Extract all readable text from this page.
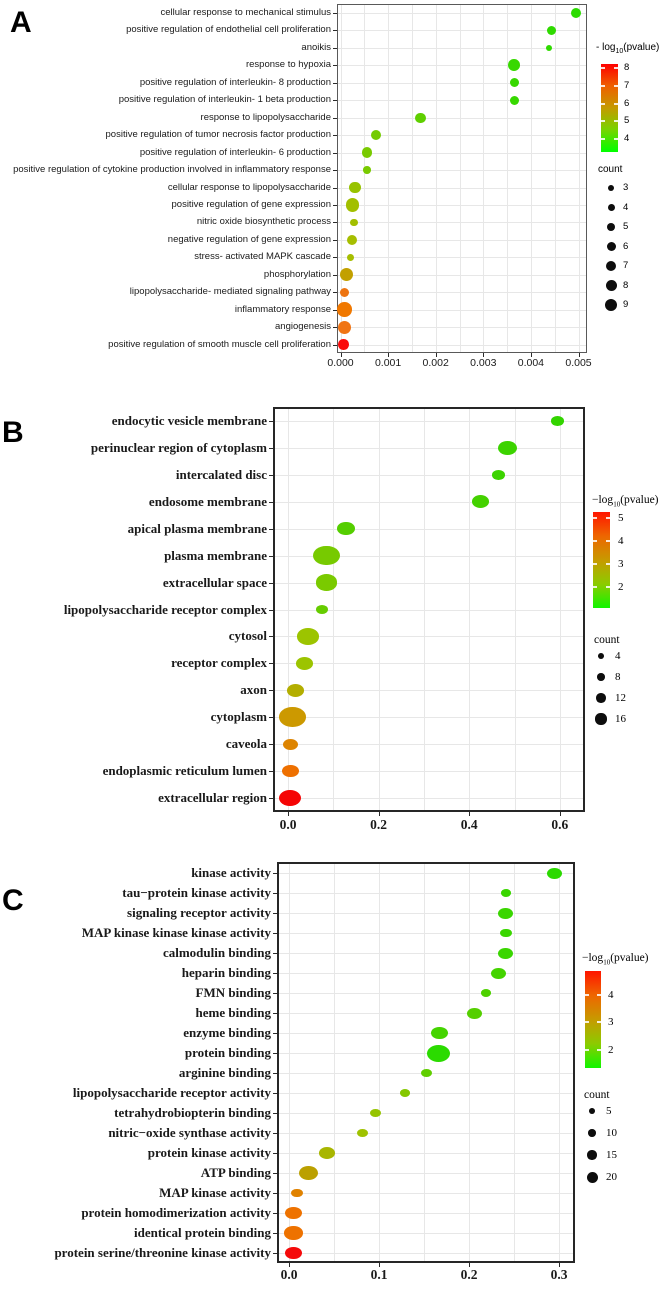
A	cellular response to mechanical stimulus
positive regulation of endothelial cell proliferation
anoikis
response to hypoxia
positive regulation of interleukin- 8 production
positive regulation of interleukin- 1 beta production
response to lipopolysaccharide
positive regulation of tumor necrosis factor production
positive regulation of interleukin- 6 production
positive regulation of cytokine production involved in inflammatory response
cellular response to lipopolysaccharide
positive regulation of gene expression
nitric oxide biosynthetic process
negative regulation of gene expression
stress- activated MAPK cascade
phosphorylation
lipopolysaccharide- mediated signaling pathway
inflammatory response
angiogenesis
positive regulation of smooth muscle cell proliferation
0.000	0.001	0.002	0.003	0.004	0.005
- $\log_{10}(pvalue)$
8
7
6
5
4
count
3
4
5
6
7
8
9
B	endocytic vesicle membrane
perinuclear region of cytoplasm
intercalated disc
endosome membrane
apical plasma membrane
plasma membrane
extracellular space
lipopolysaccharide receptor complex
cytosol
receptor complex
axon
cytoplasm
caveola
endoplasmic reticulum lumen
extracellular region
0.0	0.2	0.4	0.6
$-\log_{10}(pvalue)$
5
4
3
2
count
4
8
12
16
C
kinase activity
tau−protein kinase activity
signaling receptor activity
MAP kinase kinase kinase activity
calmodulin binding
heparin binding
FMN binding
heme binding
enzyme binding
protein binding
arginine binding
lipopolysaccharide receptor activity
tetrahydrobiopterin binding
nitric−oxide synthase activity
protein kinase activity
ATP binding
MAP kinase activity
protein homodimerization activity
identical protein binding
protein serine/threonine kinase activity
0.0	0.1	0.2	0.3
$-\log_{10}(pvalue)$
4
3
2
count
5
10
15
20
